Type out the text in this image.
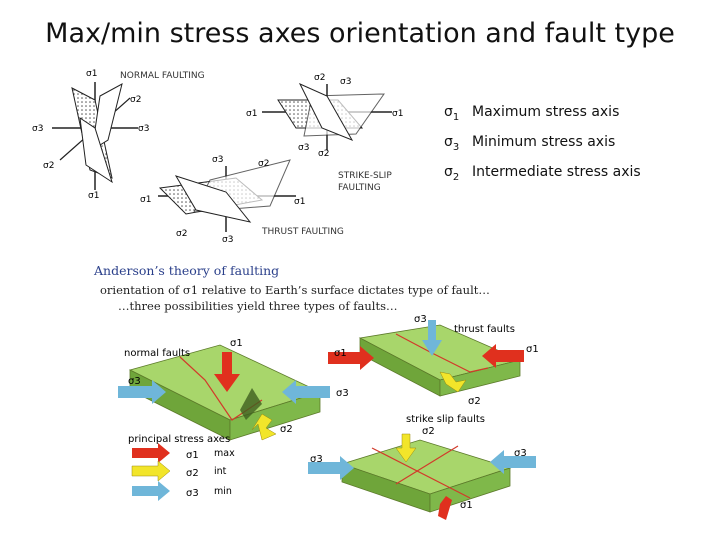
Max/min stress axes orientation and fault type
$\sigma_1$ Maximum stress axis
$\sigma_3$ Minimum stress axis
$\sigma_2$ Intermediate stress axis
σ1
σ2
σ3	σ3
σ2
σ1
NORMAL FAULTING	σ2 σ3
σ1	σ1
σ3
σ2
STRIKE-SLIP
FAULTING
σ3	σ2
σ1	σ1
σ2
σ3
THRUST FAULTING
Anderson’s theory of faulting
orientation of σ1 relative to Earth’s surface dictates type of fault…
…three possibilities yield three types of faults…
normal faults
σ1
σ3
σ3
σ2
thrust faults
σ3
σ1	σ1
σ2
strike slip faults
σ2
σ3
σ3
σ1
principal stress axes
σ1 max
σ2 int
σ3 min
